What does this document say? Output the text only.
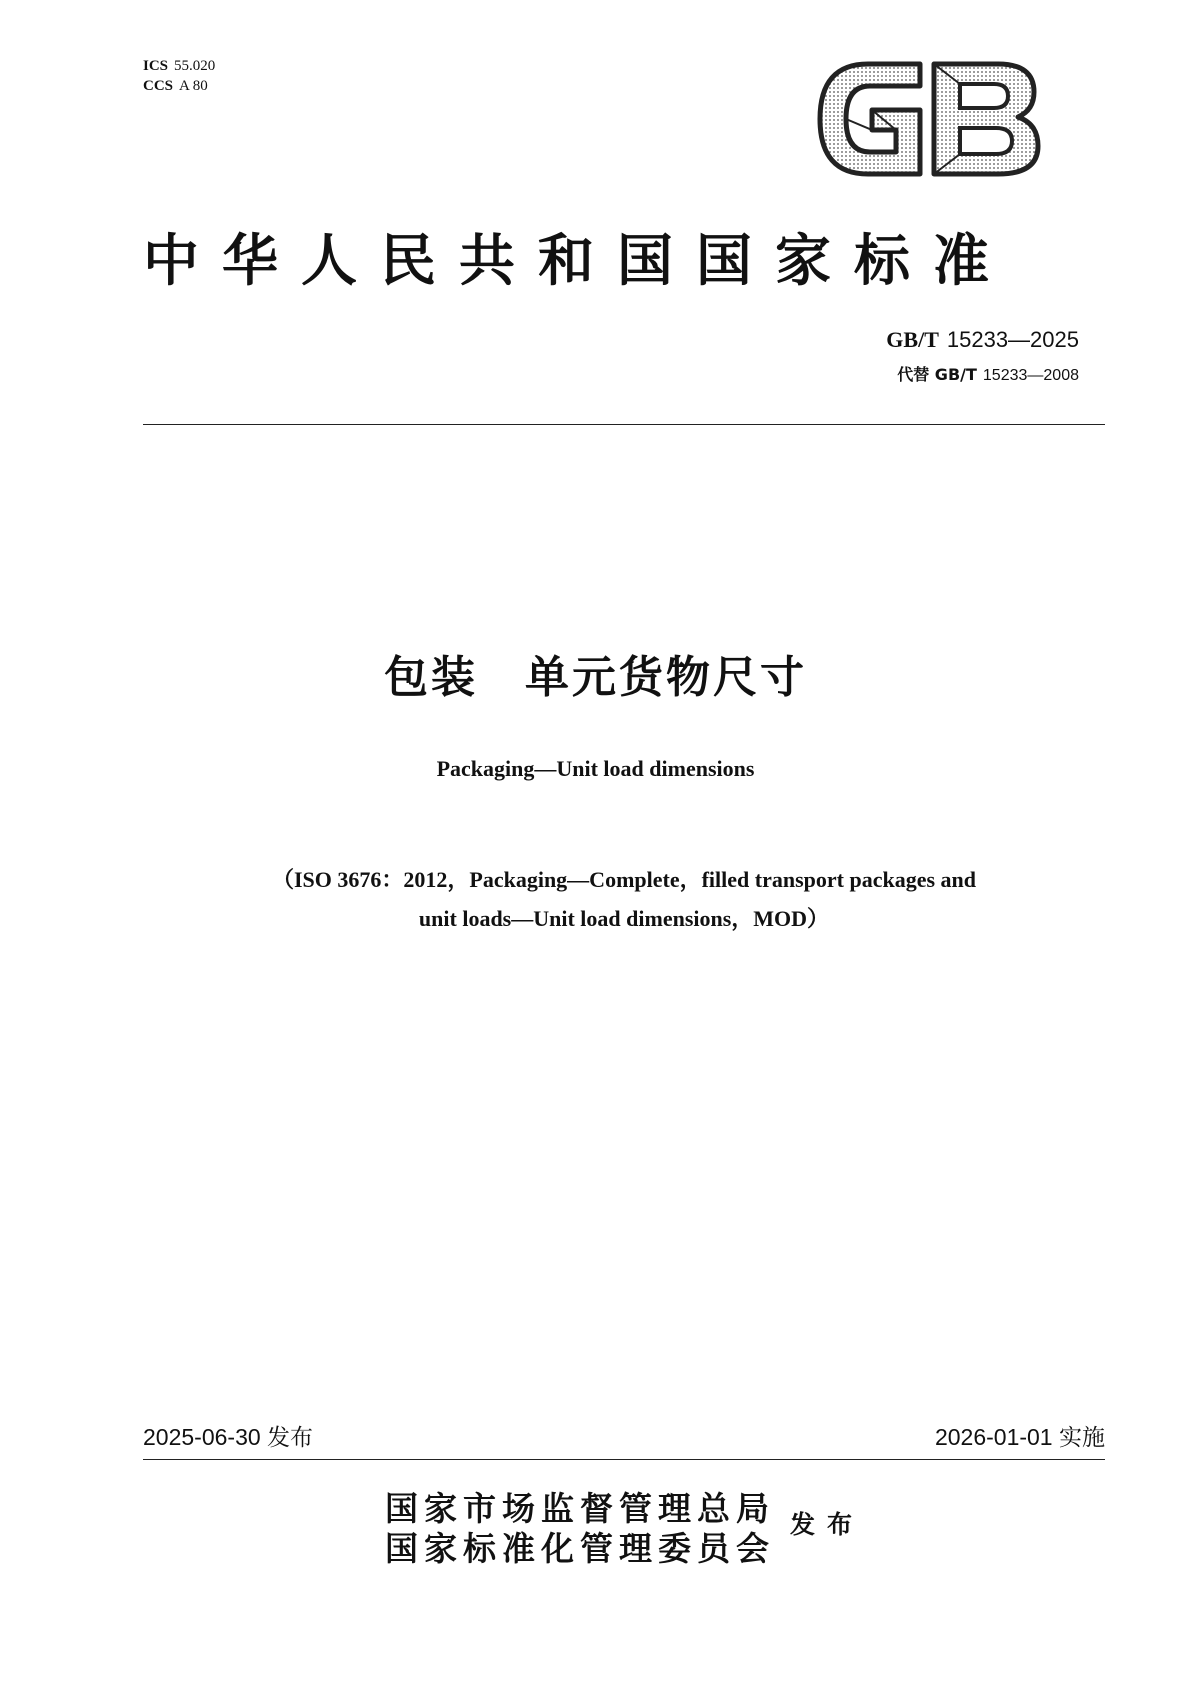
ICS 55.020
CCS A 80
中华人民共和国国家标准
GB/T 15233—2025
代替 GB/T 15233—2008
包装　单元货物尺寸
Packaging—Unit load dimensions
（ISO 3676：2012，Packaging—Complete，filled transport packages and
unit loads—Unit load dimensions，MOD）
2025-06-30 发布	2026-01-01 实施
国家市场监督管理总局
国家标准化管理委员会
发布
